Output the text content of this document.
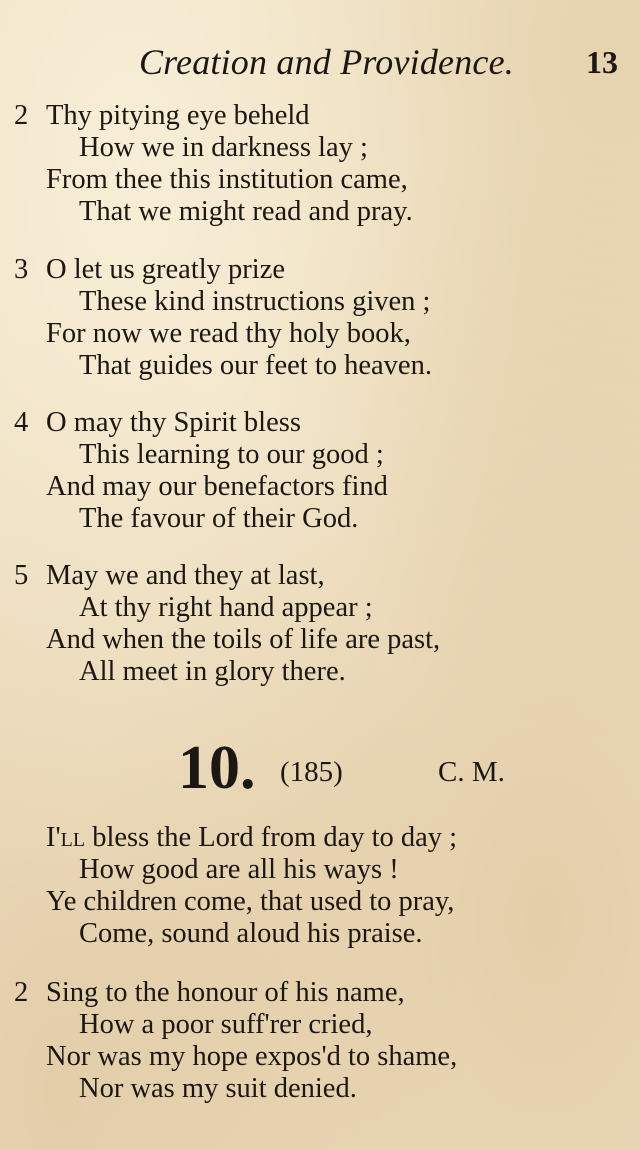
Creation and Providence. 13
2 Thy pitying eye beheld
How we in darkness lay ;
From thee this institution came,
That we might read and pray.
3 O let us greatly prize
These kind instructions given ;
For now we read thy holy book,
That guides our feet to heaven.
4 O may thy Spirit bless
This learning to our good ;
And may our benefactors find
The favour of their God.
5 May we and they at last,
At thy right hand appear ;
And when the toils of life are past,
All meet in glory there.
10. (185)	C. M.
I'll bless the Lord from day to day ;
How good are all his ways !
Ye children come, that used to pray,
Come, sound aloud his praise.
2 Sing to the honour of his name,
How a poor suff'rer cried,
Nor was my hope expos'd to shame,
Nor was my suit denied.
